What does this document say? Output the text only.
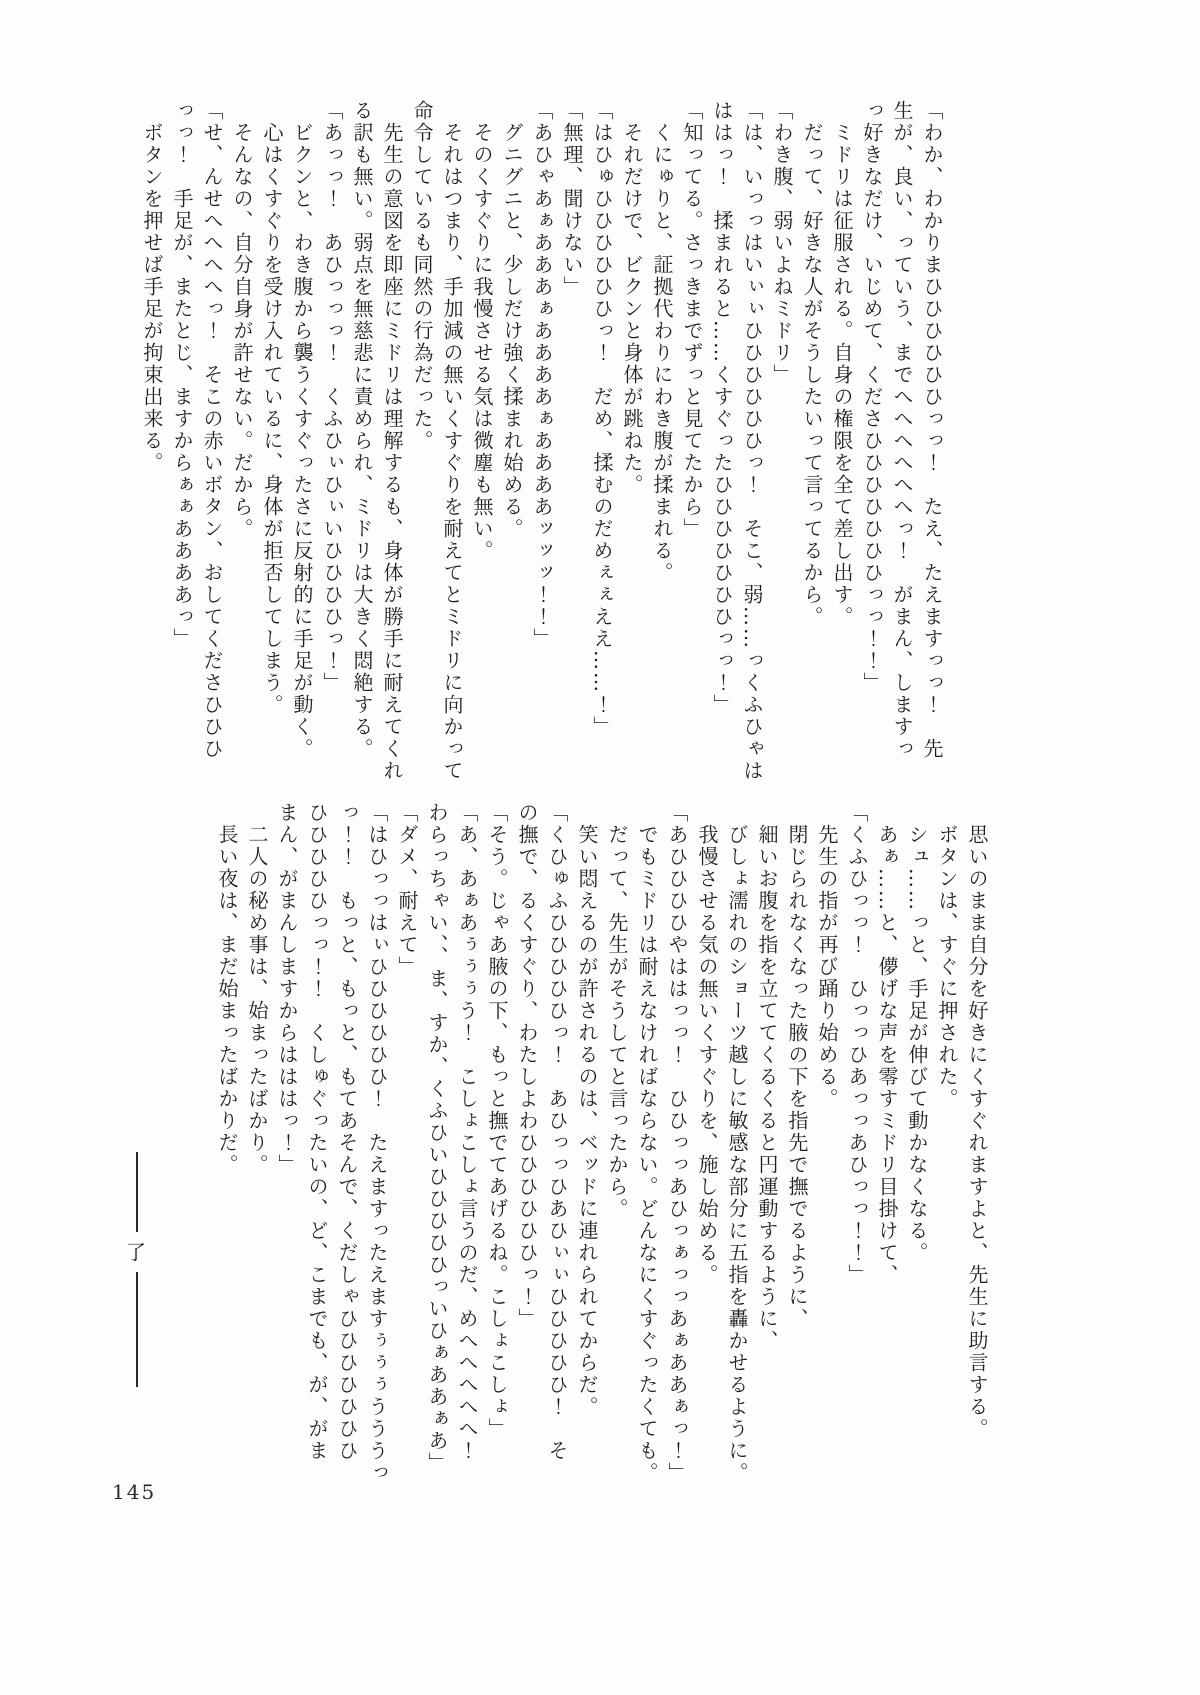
「わか、わかりまひひひひひひっっ！　たえ、たえますっっ！　先
生が、良い、っていう、までへへへへへへっ！　がまん、しますっ
っ好きなだけ、いじめて、くださひひひひひひひっっ！！」
ミドリは征服される。自身の権限を全て差し出す。
だって、好きな人がそうしたいって言ってるから。
「わき腹、弱いよねミドリ」
「は、いっっはいぃぃひひひひひひっ！　そこ、弱……っくふひゃは
ははっ！　揉まれると……くすぐったひひひひひひひっっ！」
「知ってる。さっきまでずっと見てたから」
くにゅりと、証拠代わりにわき腹が揉まれる。
それだけで、ビクンと身体が跳ねた。
「はひゅひひひひひひっ！　だめ、揉むのだめぇぇええ……！」
「無理、聞けない」
「あひゃあぁあああぁああああぁああああッッッ！！」
グニグニと、少しだけ強く揉まれ始める。
そのくすぐりに我慢させる気は微塵も無い。
それはつまり、手加減の無いくすぐりを耐えてとミドリに向かって
命令しているも同然の行為だった。
先生の意図を即座にミドリは理解するも、身体が勝手に耐えてくれ
る訳も無い。弱点を無慈悲に責められ、ミドリは大きく悶絶する。
「あっっ！　あひっっっ！　くふひぃひぃいひひひひっ！」
ビクンと、わき腹から襲うくすぐったさに反射的に手足が動く。
心はくすぐりを受け入れているに、身体が拒否してしまう。
そんなの、自分自身が許せない。だから。
「せ、んせへへへへっ！　そこの赤いボタン、おしてくださひひひ
っっ！　手足が、またとじ、ますからぁぁああああっ」
ボタンを押せば手足が拘束出来る。
思いのまま自分を好きにくすぐれますよと、先生に助言する。
ボタンは、すぐに押された。
シュ……っと、手足が伸びて動かなくなる。
あぁ……と、儚げな声を零すミドリ目掛けて、
「くふひっっ！　ひっっひあっっあひっっ！！」
先生の指が再び踊り始める。
閉じられなくなった腋の下を指先で撫でるように、
細いお腹を指を立ててくるくると円運動するように、
びしょ濡れのショーツ越しに敏感な部分に五指を轟かせるように。
我慢させる気の無いくすぐりを、施し始める。
「あひひひひやははっっ！　ひひっっあひっぁっっあぁああぁっ！」
でもミドリは耐えなければならない。どんなにくすぐったくても。
だって、先生がそうしてと言ったから。
笑い悶えるのが許されるのは、ベッドに連れられてからだ。
「くひゅふひひひひひっ！　あひっっひあひぃぃひひひひひ！　そ
の撫で、るくすぐり、わたしよわひひひひひひっ！」
「そう。じゃあ腋の下、もっと撫でてあげるね。こしょこしょ」
「あ、あぁあぅぅぅう！　こしょこしょ言うのだ、めへへへへへ！
わらっちゃい、、ま、すか、くふひいひひひひひっいひぁああぁあ」
「ダメ、耐えて」
「はひっっはぃひひひひひひ！　たえますったえますぅぅぅうううっ
っ！！　もっと、もっと、もてあそんで、くだしゃひひひひひひひ
ひひひひひっっ！！　くしゅぐったいの、ど、こまでも、が、がま
まん、がまんしますからはははっ！」
二人の秘め事は、始まったばかり。
長い夜は、まだ始まったばかりだ。
了
145
